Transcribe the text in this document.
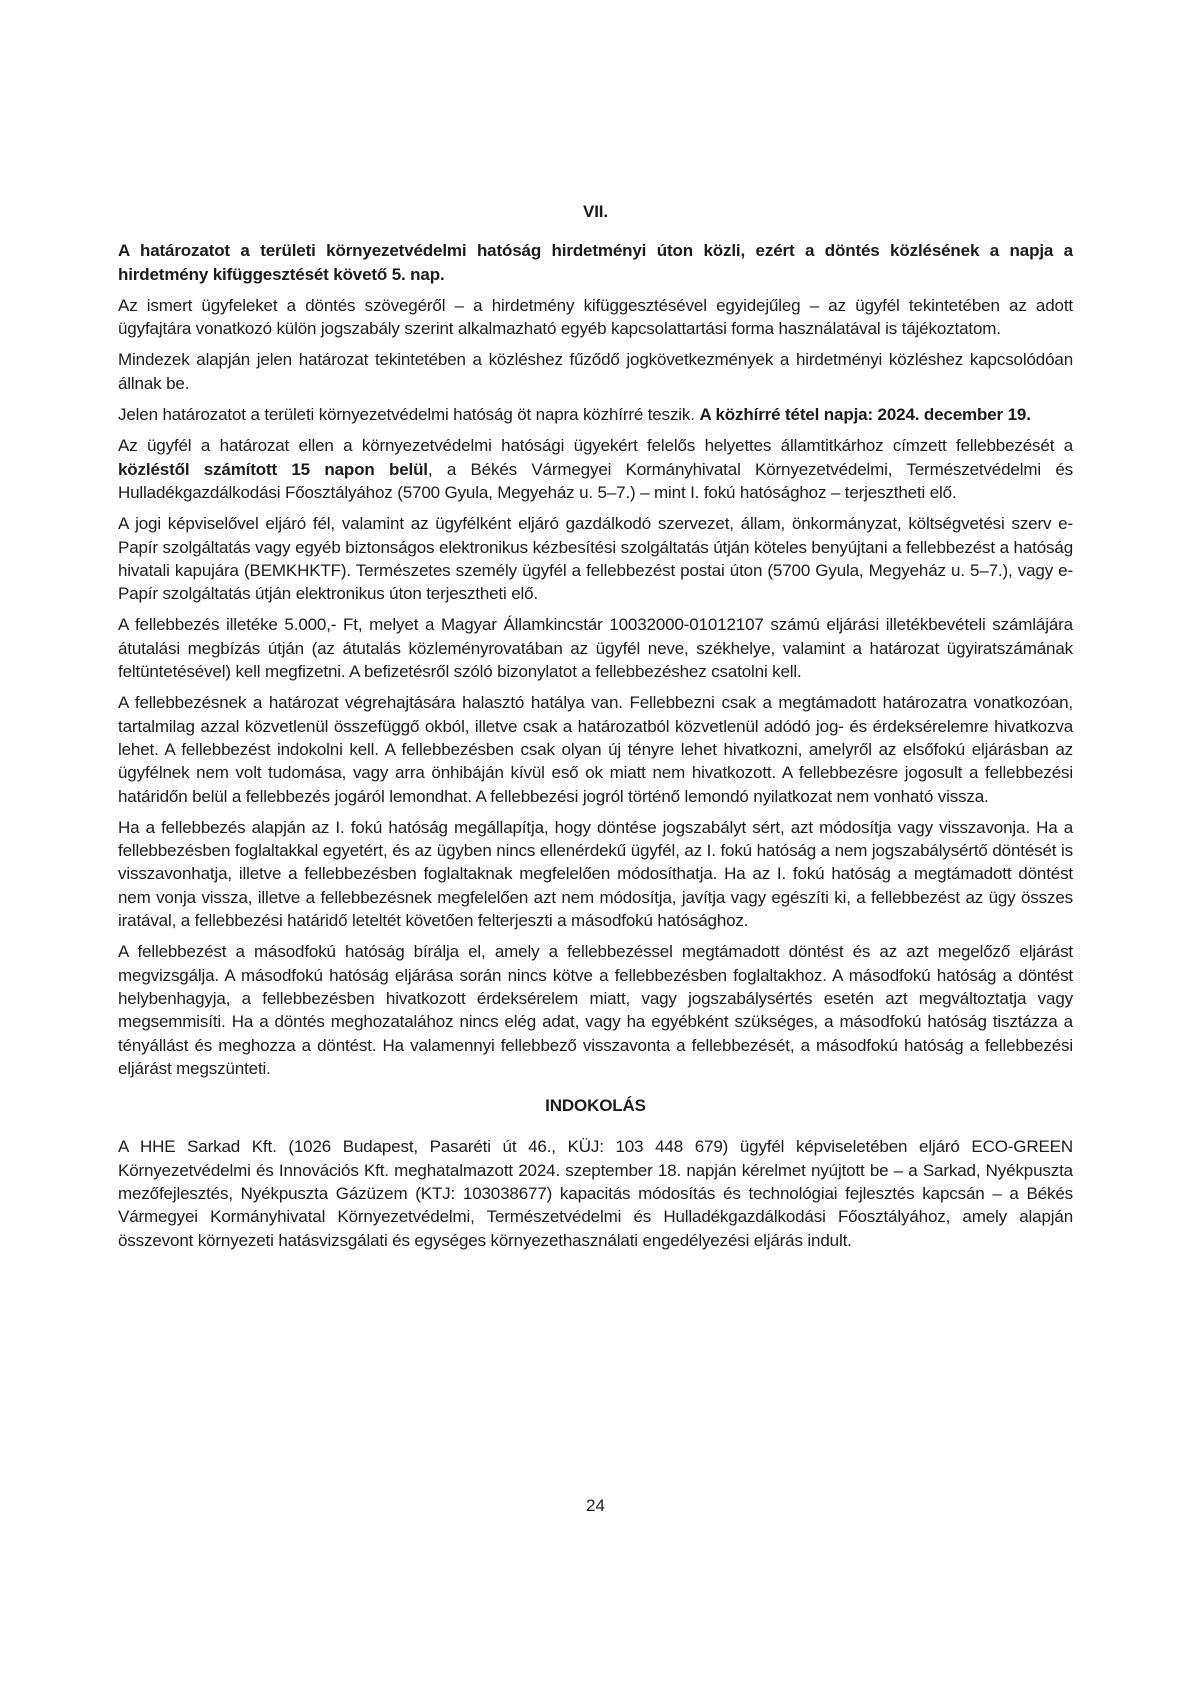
VII.

A határozatot a területi környezetvédelmi hatóság hirdetményi úton közli, ezért a döntés közlésének a napja a hirdetmény kifüggesztését követő 5. nap.

Az ismert ügyfeleket a döntés szövegéről – a hirdetmény kifüggesztésével egyidejűleg – az ügyfél tekintetében az adott ügyfajtára vonatkozó külön jogszabály szerint alkalmazható egyéb kapcsolattartási forma használatával is tájékoztatom.

Mindezek alapján jelen határozat tekintetében a közléshez fűződő jogkövetkezmények a hirdetményi közléshez kapcsolódóan állnak be.

Jelen határozatot a területi környezetvédelmi hatóság öt napra közhírré teszik. A közhírré tétel napja: 2024. december 19.

Az ügyfél a határozat ellen a környezetvédelmi hatósági ügyekért felelős helyettes államtitkárhoz címzett fellebbezését a közléstől számított 15 napon belül, a Békés Vármegyei Kormányhivatal Környezetvédelmi, Természetvédelmi és Hulladékgazdálkodási Főosztályához (5700 Gyula, Megyeház u. 5–7.) – mint I. fokú hatósághoz – terjesztheti elő.

A jogi képviselővel eljáró fél, valamint az ügyfélként eljáró gazdálkodó szervezet, állam, önkormányzat, költségvetési szerv e-Papír szolgáltatás vagy egyéb biztonságos elektronikus kézbesítési szolgáltatás útján köteles benyújtani a fellebbezést a hatóság hivatali kapujára (BEMKHKTF). Természetes személy ügyfél a fellebbezést postai úton (5700 Gyula, Megyeház u. 5–7.), vagy e-Papír szolgáltatás útján elektronikus úton terjesztheti elő.

A fellebbezés illetéke 5.000,- Ft, melyet a Magyar Államkincstár 10032000-01012107 számú eljárási illetékbevételi számlájára átutalási megbízás útján (az átutalás közleményrovatában az ügyfél neve, székhelye, valamint a határozat ügyiratszámának feltüntetésével) kell megfizetni. A befizetésről szóló bizonylatot a fellebbezéshez csatolni kell.

A fellebbezésnek a határozat végrehajtására halasztó hatálya van. Fellebbezni csak a megtámadott határozatra vonatkozóan, tartalmilag azzal közvetlenül összefüggő okból, illetve csak a határozatból közvetlenül adódó jog- és érdeksérelemre hivatkozva lehet. A fellebbezést indokolni kell. A fellebbezésben csak olyan új tényre lehet hivatkozni, amelyről az elsőfokú eljárásban az ügyfélnek nem volt tudomása, vagy arra önhibáján kívül eső ok miatt nem hivatkozott. A fellebbezésre jogosult a fellebbezési határidőn belül a fellebbezés jogáról lemondhat. A fellebbezési jogról történő lemondó nyilatkozat nem vonható vissza.

Ha a fellebbezés alapján az I. fokú hatóság megállapítja, hogy döntése jogszabályt sért, azt módosítja vagy visszavonja. Ha a fellebbezésben foglaltakkal egyetért, és az ügyben nincs ellenérdekű ügyfél, az I. fokú hatóság a nem jogszabálysértő döntését is visszavonhatja, illetve a fellebbezésben foglaltaknak megfelelően módosíthatja. Ha az I. fokú hatóság a megtámadott döntést nem vonja vissza, illetve a fellebbezésnek megfelelően azt nem módosítja, javítja vagy egészíti ki, a fellebbezést az ügy összes iratával, a fellebbezési határidő leteltét követően felterjeszti a másodfokú hatósághoz.

A fellebbezést a másodfokú hatóság bírálja el, amely a fellebbezéssel megtámadott döntést és az azt megelőző eljárást megvizsgálja. A másodfokú hatóság eljárása során nincs kötve a fellebbezésben foglaltakhoz. A másodfokú hatóság a döntést helybenhagyja, a fellebbezésben hivatkozott érdeksérelem miatt, vagy jogszabálysértés esetén azt megváltoztatja vagy megsemmisíti. Ha a döntés meghozatalához nincs elég adat, vagy ha egyébként szükséges, a másodfokú hatóság tisztázza a tényállást és meghozza a döntést. Ha valamennyi fellebbező visszavonta a fellebbezését, a másodfokú hatóság a fellebbezési eljárást megszünteti.

INDOKOLÁS

A HHE Sarkad Kft. (1026 Budapest, Pasaréti út 46., KÜJ: 103 448 679) ügyfél képviseletében eljáró ECO-GREEN Környezetvédelmi és Innovációs Kft. meghatalmazott 2024. szeptember 18. napján kérelmet nyújtott be – a Sarkad, Nyékpuszta mezőfejlesztés, Nyékpuszta Gázüzem (KTJ: 103038677) kapacitás módosítás és technológiai fejlesztés kapcsán – a Békés Vármegyei Kormányhivatal Környezetvédelmi, Természetvédelmi és Hulladékgazdálkodási Főosztályához, amely alapján összevont környezeti hatásvizsgálati és egységes környezethasználati engedélyezési eljárás indult.

24
